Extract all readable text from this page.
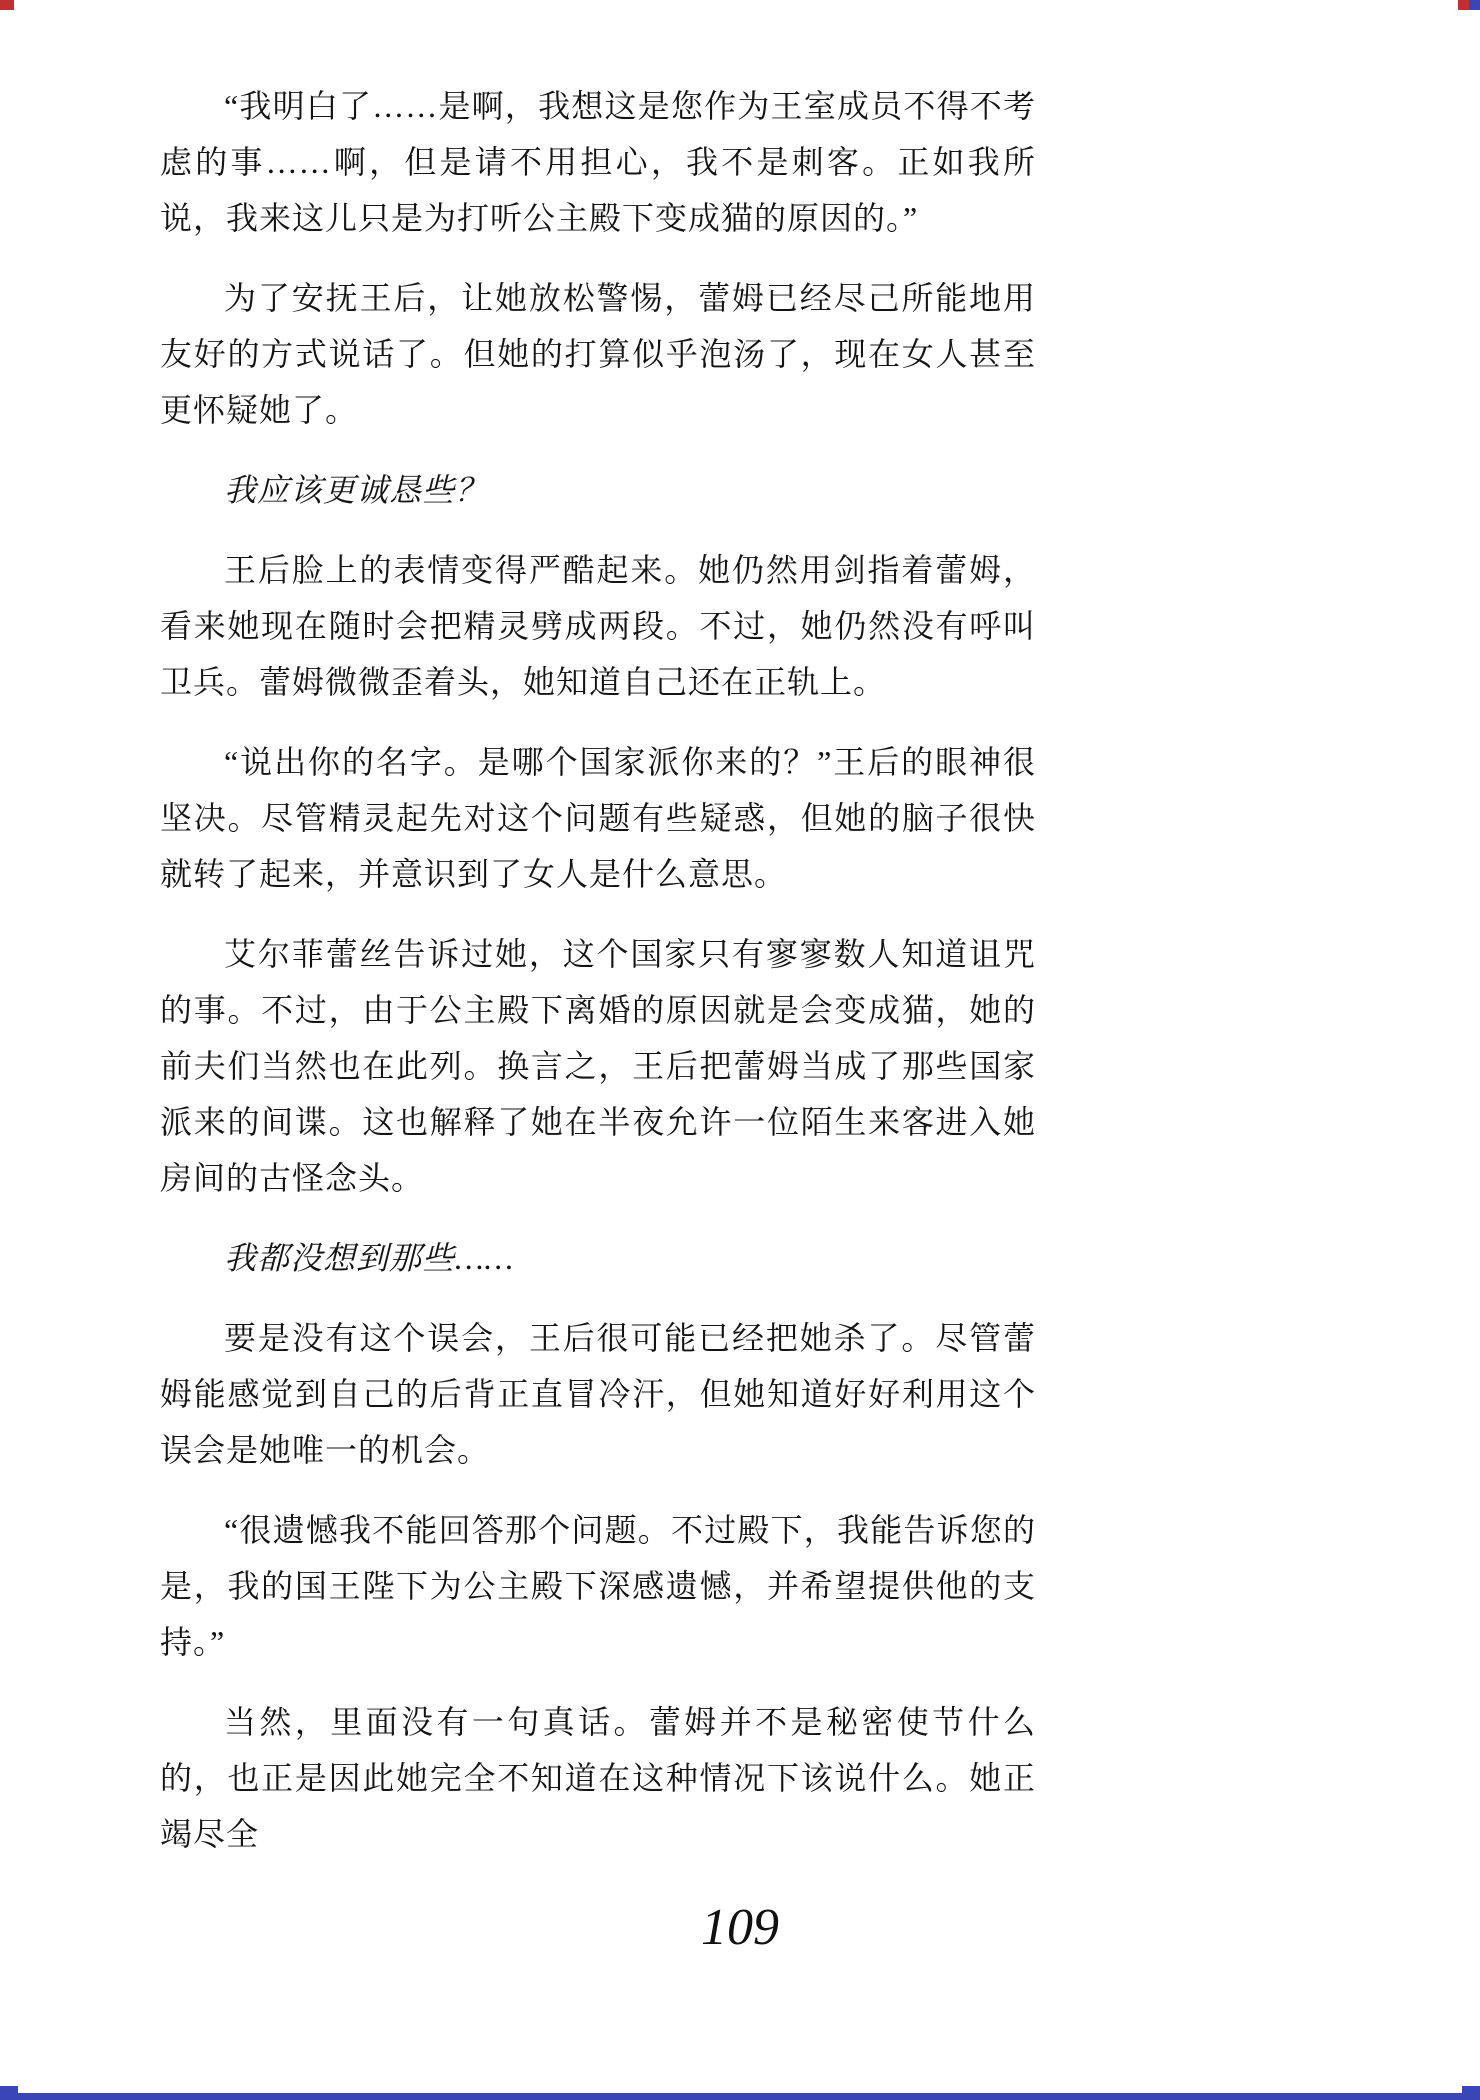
“我明白了……是啊，我想这是您作为王室成员不得不考虑的事……啊，但是请不用担心，我不是刺客。正如我所说，我来这儿只是为打听公主殿下变成猫的原因的。”

为了安抚王后，让她放松警惕，蕾姆已经尽己所能地用友好的方式说话了。但她的打算似乎泡汤了，现在女人甚至更怀疑她了。

我应该更诚恳些？

王后脸上的表情变得严酷起来。她仍然用剑指着蕾姆，看来她现在随时会把精灵劈成两段。不过，她仍然没有呼叫卫兵。蕾姆微微歪着头，她知道自己还在正轨上。

“说出你的名字。是哪个国家派你来的？”王后的眼神很坚决。尽管精灵起先对这个问题有些疑惑，但她的脑子很快就转了起来，并意识到了女人是什么意思。

艾尔菲蕾丝告诉过她，这个国家只有寥寥数人知道诅咒的事。不过，由于公主殿下离婚的原因就是会变成猫，她的前夫们当然也在此列。换言之，王后把蕾姆当成了那些国家派来的间谍。这也解释了她在半夜允许一位陌生来客进入她房间的古怪念头。

我都没想到那些……

要是没有这个误会，王后很可能已经把她杀了。尽管蕾姆能感觉到自己的后背正直冒冷汗，但她知道好好利用这个误会是她唯一的机会。

“很遗憾我不能回答那个问题。不过殿下，我能告诉您的是，我的国王陛下为公主殿下深感遗憾，并希望提供他的支持。”

当然，里面没有一句真话。蕾姆并不是秘密使节什么的，也正是因此她完全不知道在这种情况下该说什么。她正竭尽全

109
